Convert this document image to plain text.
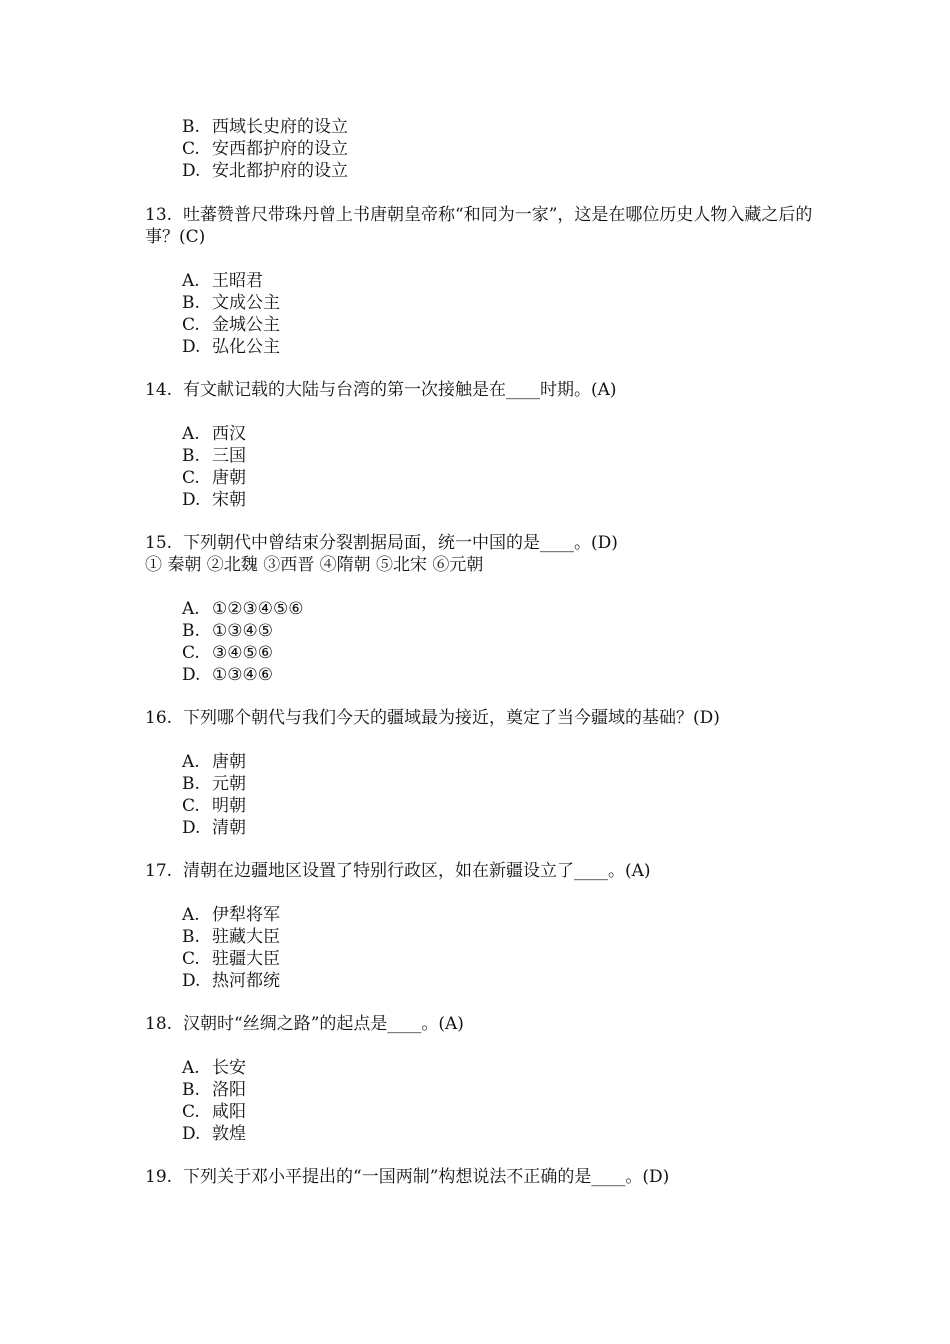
B. 西域长史府的设立
C. 安西都护府的设立
D. 安北都护府的设立
13. 吐蕃赞普尺带珠丹曾上书唐朝皇帝称“和同为一家”，这是在哪位历史人物入藏之后的事？(C)
A. 王昭君
B. 文成公主
C. 金城公主
D. 弘化公主
14. 有文献记载的大陆与台湾的第一次接触是在____时期。(A)
A. 西汉
B. 三国
C. 唐朝
D. 宋朝
15. 下列朝代中曾结束分裂割据局面，统一中国的是____。(D)
① 秦朝 ②北魏 ③西晋 ④隋朝 ⑤北宋 ⑥元朝
A. ①②③④⑤⑥
B. ①③④⑤
C. ③④⑤⑥
D. ①③④⑥
16. 下列哪个朝代与我们今天的疆域最为接近，奠定了当今疆域的基础？(D)
A. 唐朝
B. 元朝
C. 明朝
D. 清朝
17. 清朝在边疆地区设置了特别行政区，如在新疆设立了____。(A)
A. 伊犁将军
B. 驻藏大臣
C. 驻疆大臣
D. 热河都统
18. 汉朝时“丝绸之路”的起点是____。(A)
A. 长安
B. 洛阳
C. 咸阳
D. 敦煌
19. 下列关于邓小平提出的“一国两制”构想说法不正确的是____。(D)
